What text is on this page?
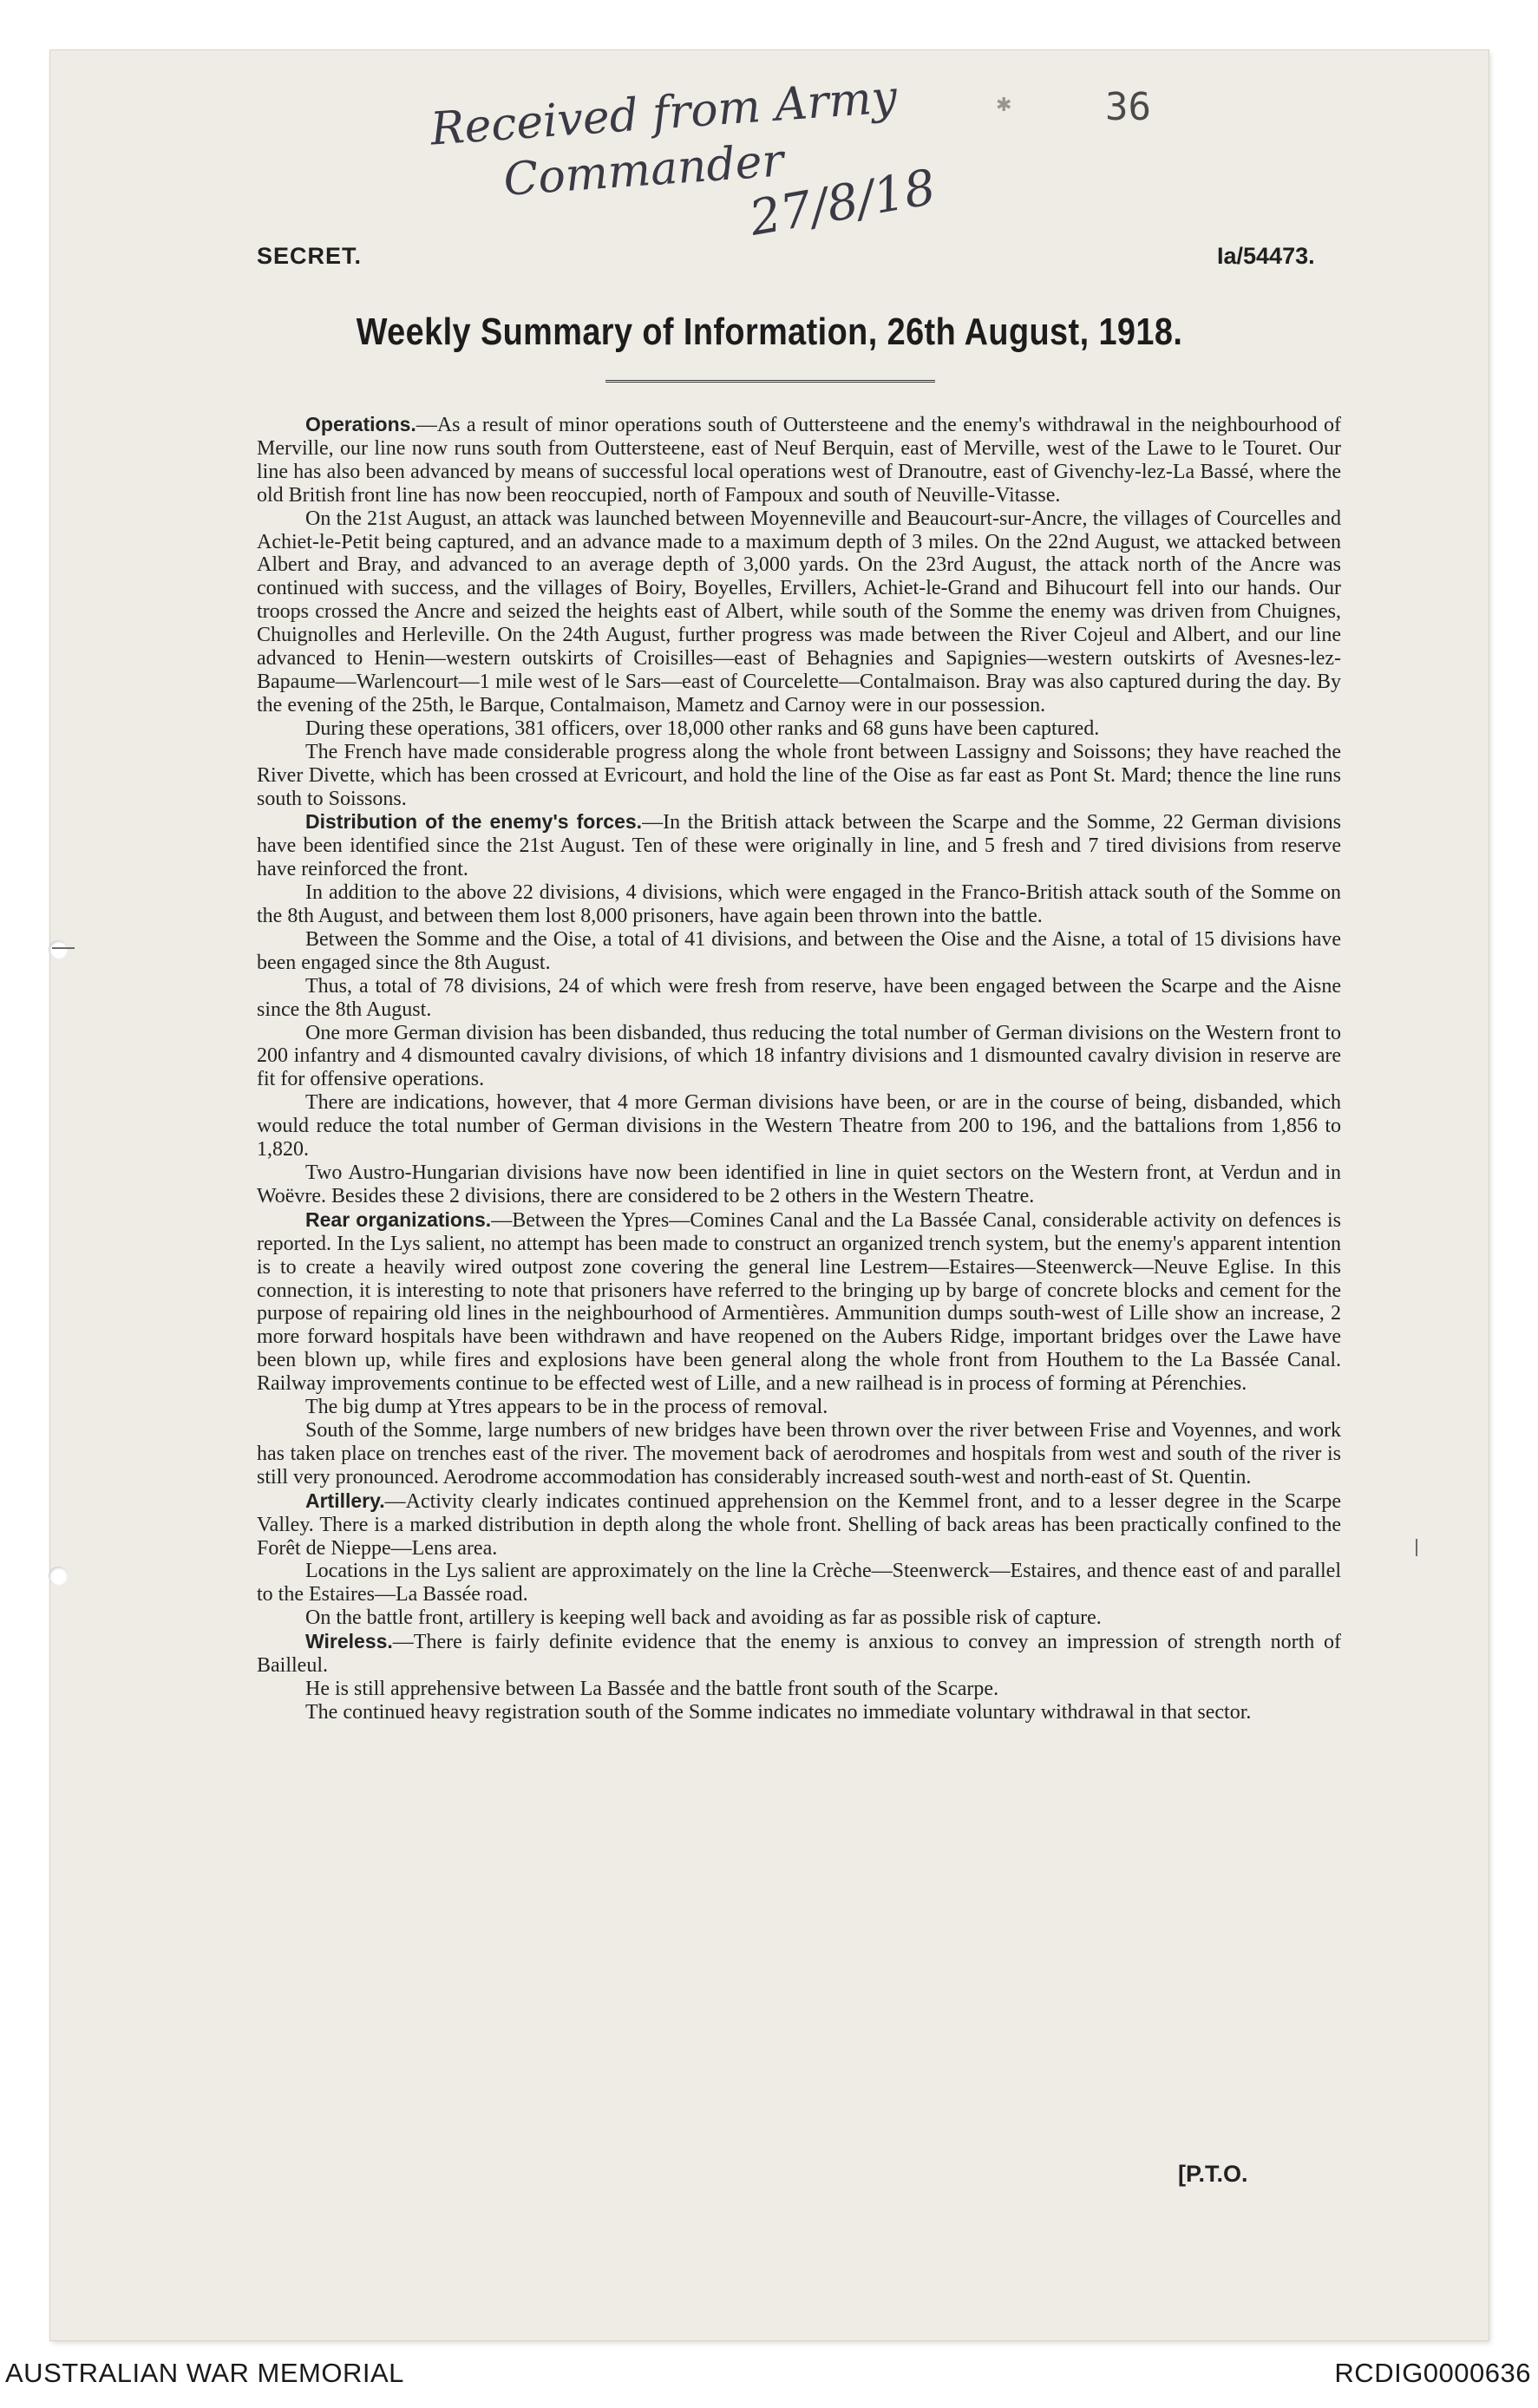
Received from Army
Commander
27/8/18
✱ 36
SECRET.	Ia/54473.
Weekly Summary of Information, 26th August, 1918.

Operations.—As a result of minor operations south of Outtersteene and the enemy's withdrawal in the neighbourhood of Merville, our line now runs south from Outtersteene, east of Neuf Berquin, east of Merville, west of the Lawe to le Touret. Our line has also been advanced by means of successful local operations west of Dranoutre, east of Givenchy-lez-La Bassé, where the old British front line has now been reoccupied, north of Fampoux and south of Neuville-Vitasse.

On the 21st August, an attack was launched between Moyenneville and Beaucourt-sur-Ancre, the villages of Courcelles and Achiet-le-Petit being captured, and an advance made to a maximum depth of 3 miles. On the 22nd August, we attacked between Albert and Bray, and advanced to an average depth of 3,000 yards. On the 23rd August, the attack north of the Ancre was continued with success, and the villages of Boiry, Boyelles, Ervillers, Achiet-le-Grand and Bihucourt fell into our hands. Our troops crossed the Ancre and seized the heights east of Albert, while south of the Somme the enemy was driven from Chuignes, Chuignolles and Herleville. On the 24th August, further progress was made between the River Cojeul and Albert, and our line advanced to Henin—western outskirts of Croisilles—east of Behagnies and Sapignies—western outskirts of Avesnes-lez-Bapaume—Warlencourt—1 mile west of le Sars—east of Courcelette—Contalmaison. Bray was also captured during the day. By the evening of the 25th, le Barque, Contalmaison, Mametz and Carnoy were in our possession.

During these operations, 381 officers, over 18,000 other ranks and 68 guns have been captured.

The French have made considerable progress along the whole front between Lassigny and Soissons; they have reached the River Divette, which has been crossed at Evricourt, and hold the line of the Oise as far east as Pont St. Mard; thence the line runs south to Soissons.

Distribution of the enemy's forces.—In the British attack between the Scarpe and the Somme, 22 German divisions have been identified since the 21st August. Ten of these were originally in line, and 5 fresh and 7 tired divisions from reserve have reinforced the front.

In addition to the above 22 divisions, 4 divisions, which were engaged in the Franco-British attack south of the Somme on the 8th August, and between them lost 8,000 prisoners, have again been thrown into the battle.

Between the Somme and the Oise, a total of 41 divisions, and between the Oise and the Aisne, a total of 15 divisions have been engaged since the 8th August.

Thus, a total of 78 divisions, 24 of which were fresh from reserve, have been engaged between the Scarpe and the Aisne since the 8th August.

One more German division has been disbanded, thus reducing the total number of German divisions on the Western front to 200 infantry and 4 dismounted cavalry divisions, of which 18 infantry divisions and 1 dismounted cavalry division in reserve are fit for offensive operations.

There are indications, however, that 4 more German divisions have been, or are in the course of being, disbanded, which would reduce the total number of German divisions in the Western Theatre from 200 to 196, and the battalions from 1,856 to 1,820.

Two Austro-Hungarian divisions have now been identified in line in quiet sectors on the Western front, at Verdun and in Woëvre. Besides these 2 divisions, there are considered to be 2 others in the Western Theatre.

Rear organizations.—Between the Ypres—Comines Canal and the La Bassée Canal, considerable activity on defences is reported. In the Lys salient, no attempt has been made to construct an organized trench system, but the enemy's apparent intention is to create a heavily wired outpost zone covering the general line Lestrem—Estaires—Steenwerck—Neuve Eglise. In this connection, it is interesting to note that prisoners have referred to the bringing up by barge of concrete blocks and cement for the purpose of repairing old lines in the neighbourhood of Armentières. Ammunition dumps south-west of Lille show an increase, 2 more forward hospitals have been withdrawn and have reopened on the Aubers Ridge, important bridges over the Lawe have been blown up, while fires and explosions have been general along the whole front from Houthem to the La Bassée Canal. Railway improvements continue to be effected west of Lille, and a new railhead is in process of forming at Pérenchies.

The big dump at Ytres appears to be in the process of removal.

South of the Somme, large numbers of new bridges have been thrown over the river between Frise and Voyennes, and work has taken place on trenches east of the river. The movement back of aerodromes and hospitals from west and south of the river is still very pronounced. Aerodrome accommodation has considerably increased south-west and north-east of St. Quentin.

Artillery.—Activity clearly indicates continued apprehension on the Kemmel front, and to a lesser degree in the Scarpe Valley. There is a marked distribution in depth along the whole front. Shelling of back areas has been practically confined to the Forêt de Nieppe—Lens area.

Locations in the Lys salient are approximately on the line la Crèche—Steenwerck—Estaires, and thence east of and parallel to the Estaires—La Bassée road.

On the battle front, artillery is keeping well back and avoiding as far as possible risk of capture.

Wireless.—There is fairly definite evidence that the enemy is anxious to convey an impression of strength north of Bailleul.

He is still apprehensive between La Bassée and the battle front south of the Scarpe.

The continued heavy registration south of the Somme indicates no immediate voluntary withdrawal in that sector.

[P.T.O.
AUSTRALIAN WAR MEMORIAL	RCDIG0000636
